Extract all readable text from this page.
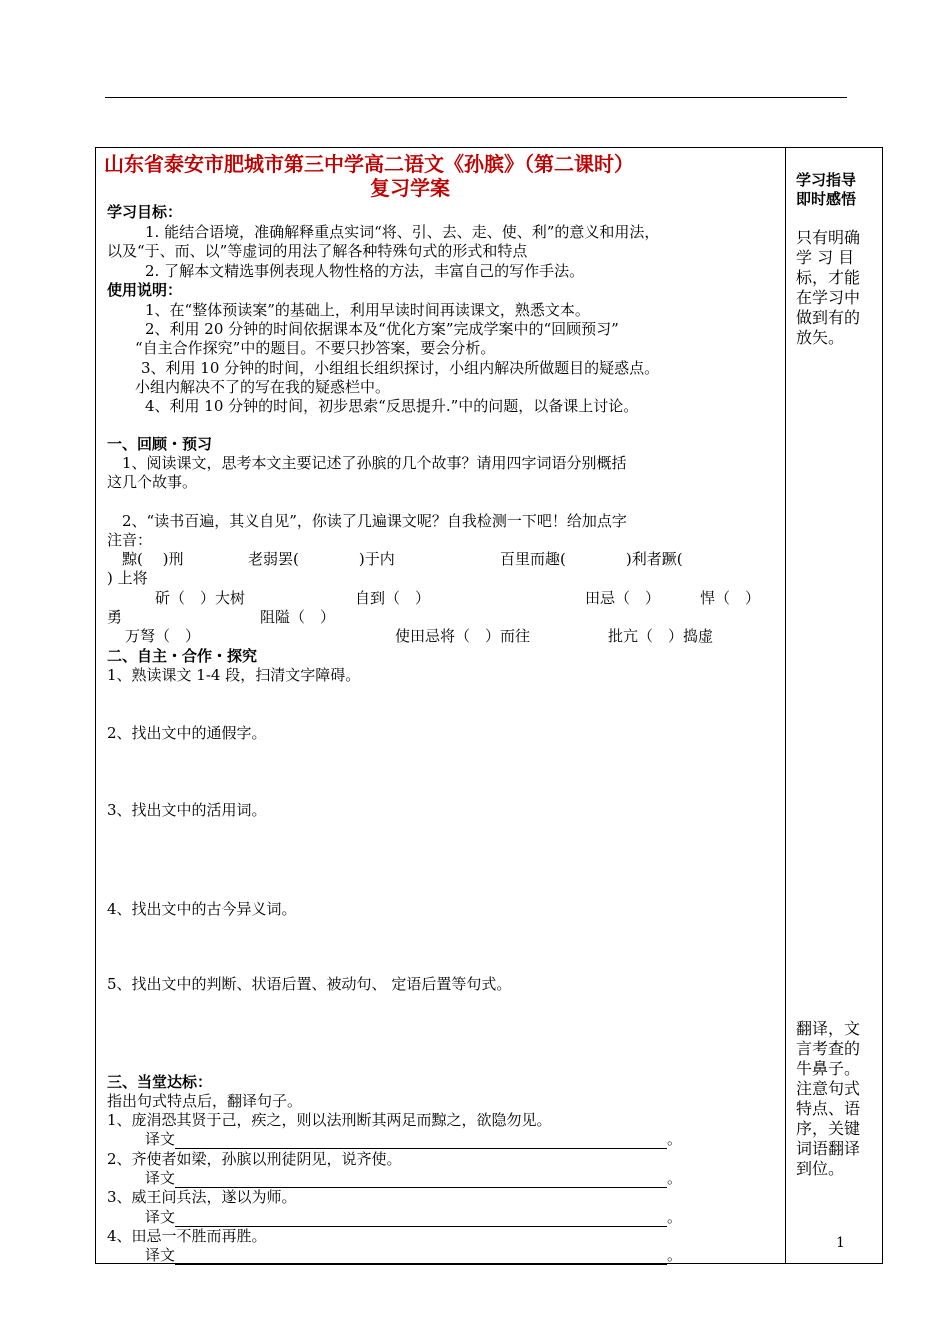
山东省泰安市肥城市第三中学高二语文《孙膑》（第二课时）
复习学案
学习目标：
1. 能结合语境，准确解释重点实词“将、引、去、走、使、利”的意义和用法，
以及“于、而、以”等虚词的用法了解各种特殊句式的形式和特点
2. 了解本文精选事例表现人物性格的方法，丰富自己的写作手法。
使用说明：
1、在“整体预读案”的基础上，利用早读时间再读课文，熟悉文本。
2、利用 20 分钟的时间依据课本及“优化方案”完成学案中的“回顾预习”
“自主合作探究”中的题目。不要只抄答案，要会分析。
3、利用 10 分钟的时间，小组组长组织探讨，小组内解决所做题目的疑惑点。
小组内解决不了的写在我的疑惑栏中。
4、利用 10 分钟的时间，初步思索“反思提升.”中的问题，以备课上讨论。
一、回顾・预习
1、阅读课文，思考本文主要记述了孙膑的几个故事？请用四字词语分别概括
这几个故事。
2、“读书百遍，其义自见”，你读了几遍课文呢？自我检测一下吧！给加点字
注音：
黥(　 )刑	老弱罢(　　　　)于内	百里而趣(　　　　)利者蹶(
) 上将
斫（　）大树	自到（　）	田忌（　）	悍（　）
勇	阻隘（　）
万弩（　）	使田忌将（　）而往	批亢（　）捣虚
二、自主・合作・探究
1、熟读课文 1-4 段，扫清文字障碍。
2、找出文中的通假字。
3、找出文中的活用词。
4、找出文中的古今异义词。
5、找出文中的判断、状语后置、被动句、 定语后置等句式。
三、当堂达标：
指出句式特点后，翻译句子。
1、庞涓恐其贤于己，疾之，则以法刑断其两足而黥之，欲隐勿见。
译文	。
2、齐使者如梁，孙膑以刑徒阴见，说齐使。
译文	。
3、威王问兵法，遂以为师。
译文	。
4、田忌一不胜而再胜。
译文	。
学习指导
即时感悟
只有明确
学 习 目
标，才能
在学习中
做到有的
放矢。
翻译，文
言考查的
牛鼻子。
注意句式
特点、语
序，关键
词语翻译
到位。
1
